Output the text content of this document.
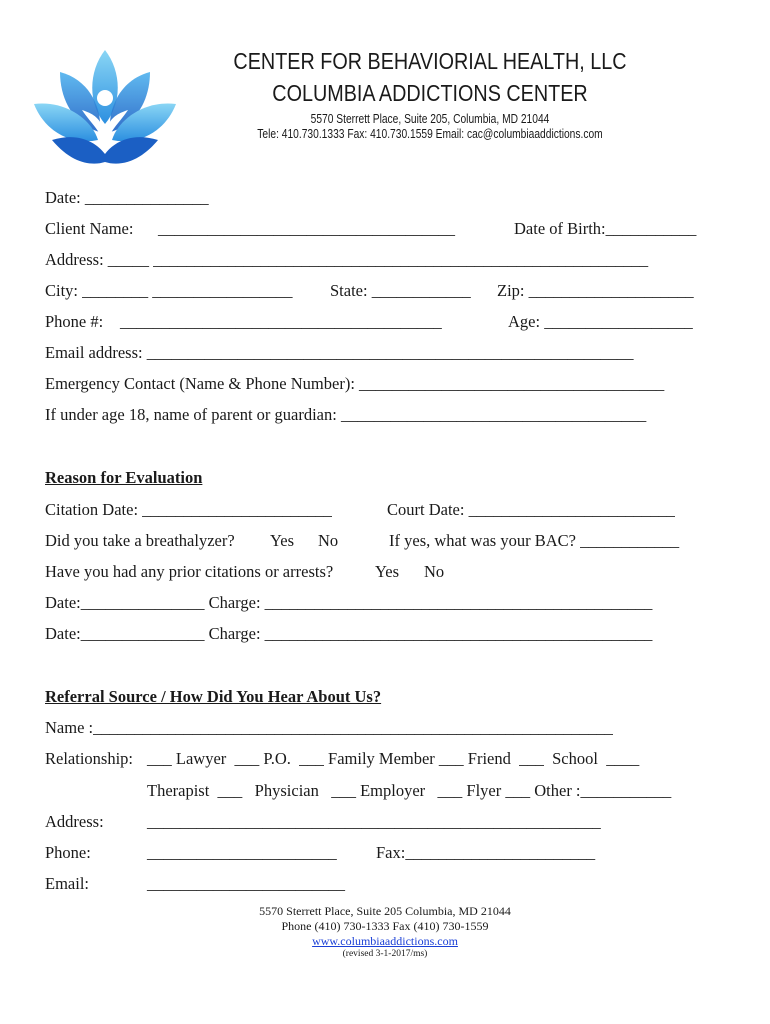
CENTER FOR BEHAVIORIAL HEALTH, LLC
COLUMBIA ADDICTIONS CENTER
5570 Sterrett Place, Suite 205, Columbia, MD 21044
Tele: 410.730.1333 Fax: 410.730.1559 Email: cac@columbiaaddictions.com
Date: _______________
Client Name: ____________________________________	Date of Birth:___________
Address: _____ ____________________________________________________________
City: ________ _________________ State: ____________ Zip: ____________________
Phone #: _______________________________________	Age: __________________
Email address: ___________________________________________________________
Emergency Contact (Name & Phone Number): _____________________________________
If under age 18, name of parent or guardian: _____________________________________
Reason for Evaluation
Citation Date: _______________________	Court Date: _________________________
Did you take a breathalyzer? Yes No	If yes, what was your BAC? ____________
Have you had any prior citations or arrests?	Yes No
Date:_______________ Charge: _______________________________________________
Date:_______________ Charge: _______________________________________________
Referral Source / How Did You Hear About Us?
Name :_______________________________________________________________
Relationship: ___ Lawyer  ___ P.O.  ___ Family Member ___ Friend  ___  School  ____
Therapist  ___   Physician   ___ Employer   ___ Flyer ___ Other :___________
Address:	_______________________________________________________
Phone:	_______________________ Fax:_______________________
Email:	________________________
5570 Sterrett Place, Suite 205 Columbia, MD 21044
Phone (410) 730-1333 Fax (410) 730-1559
www.columbiaaddictions.com
(revised 3-1-2017/ms)
